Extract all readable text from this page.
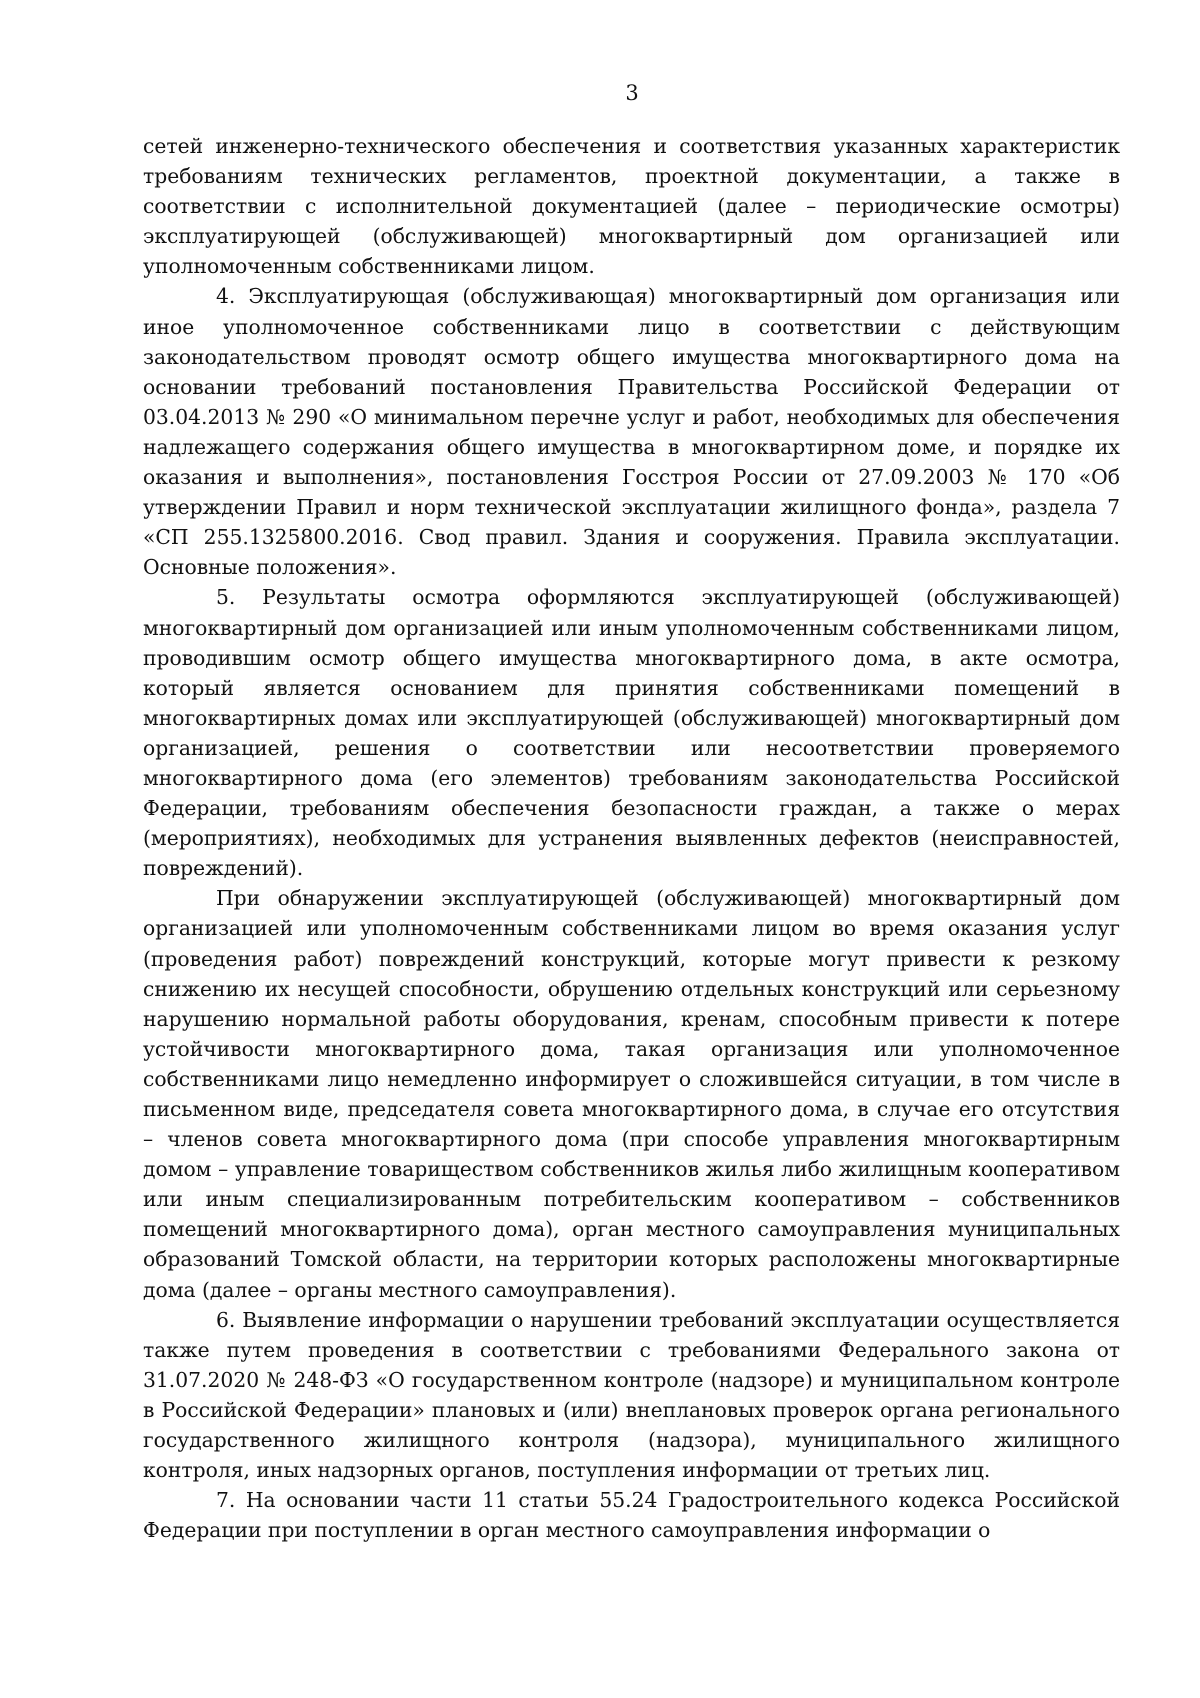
3

сетей инженерно-технического обеспечения и соответствия указанных характеристик требованиям технических регламентов, проектной документации, а также в соответствии с исполнительной документацией (далее – периодические осмотры) эксплуатирующей (обслуживающей) многоквартирный дом организацией или уполномоченным собственниками лицом.

4. Эксплуатирующая (обслуживающая) многоквартирный дом организация или иное уполномоченное собственниками лицо в соответствии с действующим законодательством проводят осмотр общего имущества многоквартирного дома на основании требований постановления Правительства Российской Федерации от 03.04.2013 № 290 «О минимальном перечне услуг и работ, необходимых для обеспечения надлежащего содержания общего имущества в многоквартирном доме, и порядке их оказания и выполнения», постановления Госстроя России от 27.09.2003 № 170 «Об утверждении Правил и норм технической эксплуатации жилищного фонда», раздела 7 «СП 255.1325800.2016. Свод правил. Здания и сооружения. Правила эксплуатации. Основные положения».

5. Результаты осмотра оформляются эксплуатирующей (обслуживающей) многоквартирный дом организацией или иным уполномоченным собственниками лицом, проводившим осмотр общего имущества многоквартирного дома, в акте осмотра, который является основанием для принятия собственниками помещений в многоквартирных домах или эксплуатирующей (обслуживающей) многоквартирный дом организацией, решения о соответствии или несоответствии проверяемого многоквартирного дома (его элементов) требованиям законодательства Российской Федерации, требованиям обеспечения безопасности граждан, а также о мерах (мероприятиях), необходимых для устранения выявленных дефектов (неисправностей, повреждений).

При обнаружении эксплуатирующей (обслуживающей) многоквартирный дом организацией или уполномоченным собственниками лицом во время оказания услуг (проведения работ) повреждений конструкций, которые могут привести к резкому снижению их несущей способности, обрушению отдельных конструкций или серьезному нарушению нормальной работы оборудования, кренам, способным привести к потере устойчивости многоквартирного дома, такая организация или уполномоченное собственниками лицо немедленно информирует о сложившейся ситуации, в том числе в письменном виде, председателя совета многоквартирного дома, в случае его отсутствия – членов совета многоквартирного дома (при способе управления многоквартирным домом – управление товариществом собственников жилья либо жилищным кооперативом или иным специализированным потребительским кооперативом – собственников помещений многоквартирного дома), орган местного самоуправления муниципальных образований Томской области, на территории которых расположены многоквартирные дома (далее – органы местного самоуправления).

6. Выявление информации о нарушении требований эксплуатации осуществляется также путем проведения в соответствии с требованиями Федерального закона от 31.07.2020 № 248-ФЗ «О государственном контроле (надзоре) и муниципальном контроле в Российской Федерации» плановых и (или) внеплановых проверок органа регионального государственного жилищного контроля (надзора), муниципального жилищного контроля, иных надзорных органов, поступления информации от третьих лиц.

7. На основании части 11 статьи 55.24 Градостроительного кодекса Российской Федерации при поступлении в орган местного самоуправления информации о
